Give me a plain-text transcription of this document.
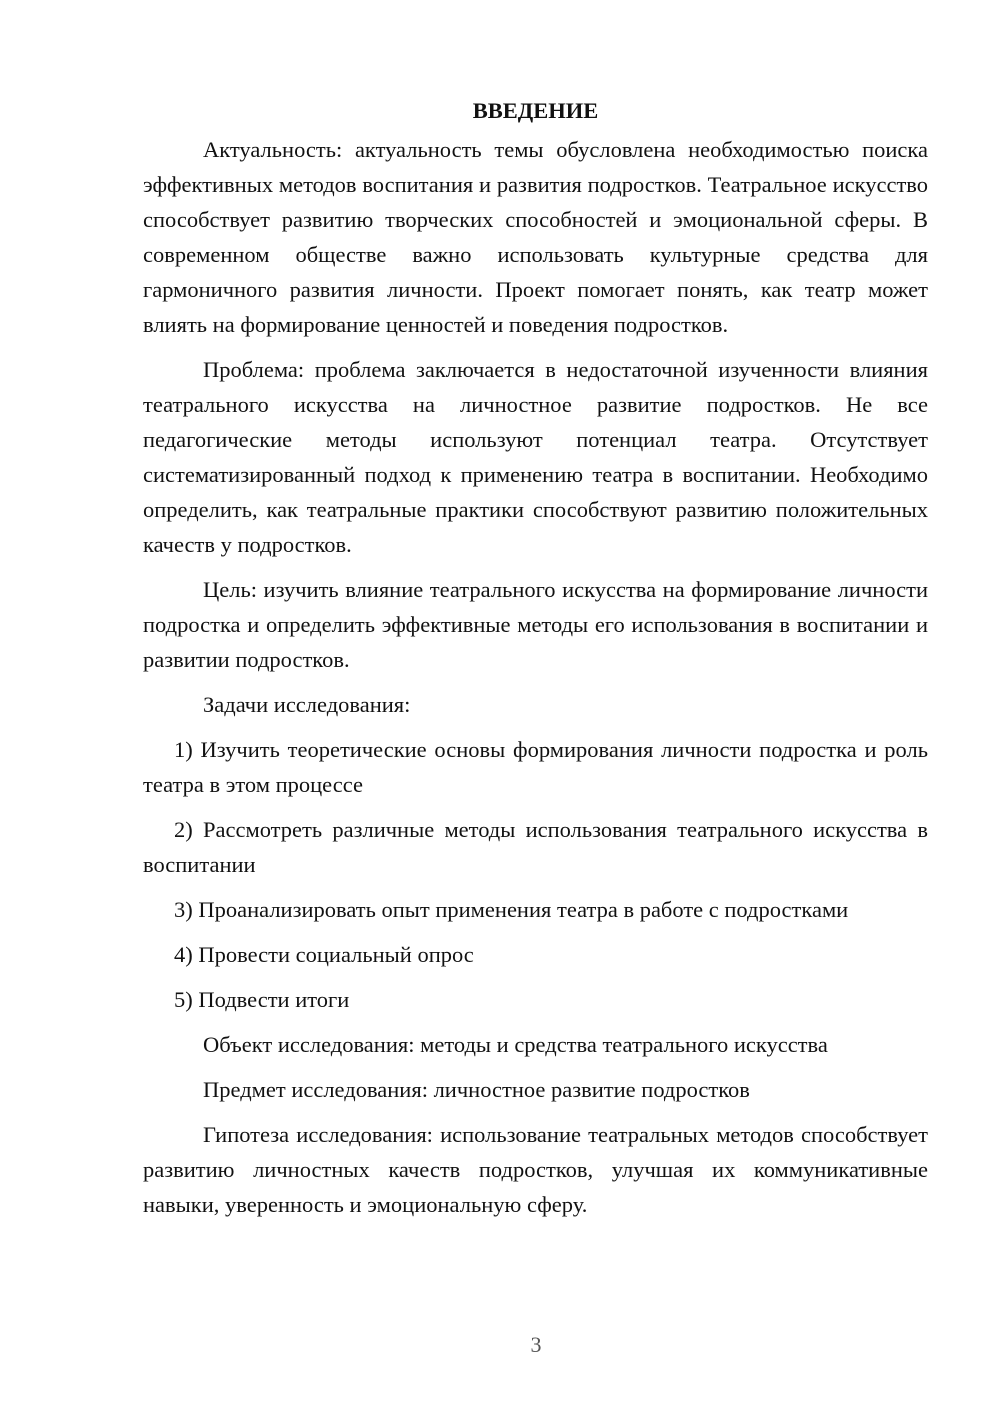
ВВЕДЕНИЕ

Актуальность: актуальность темы обусловлена необходимостью поиска эффективных методов воспитания и развития подростков. Театральное искусство способствует развитию творческих способностей и эмоциональной сферы. В современном обществе важно использовать культурные средства для гармоничного развития личности. Проект помогает понять, как театр может влиять на формирование ценностей и поведения подростков.

Проблема: проблема заключается в недостаточной изученности влияния театрального искусства на личностное развитие подростков. Не все педагогические методы используют потенциал театра. Отсутствует систематизированный подход к применению театра в воспитании. Необходимо определить, как театральные практики способствуют развитию положительных качеств у подростков.

Цель: изучить влияние театрального искусства на формирование личности подростка и определить эффективные методы его использования в воспитании и развитии подростков.

Задачи исследования:

1) Изучить теоретические основы формирования личности подростка и роль театра в этом процессе

2) Рассмотреть различные методы использования театрального искусства в воспитании

3) Проанализировать опыт применения театра в работе с подростками

4) Провести социальный опрос

5) Подвести итоги

Объект исследования: методы и средства театрального искусства

Предмет исследования: личностное развитие подростков

Гипотеза исследования: использование театральных методов способствует развитию личностных качеств подростков, улучшая их коммуникативные навыки, уверенность и эмоциональную сферу.

3
